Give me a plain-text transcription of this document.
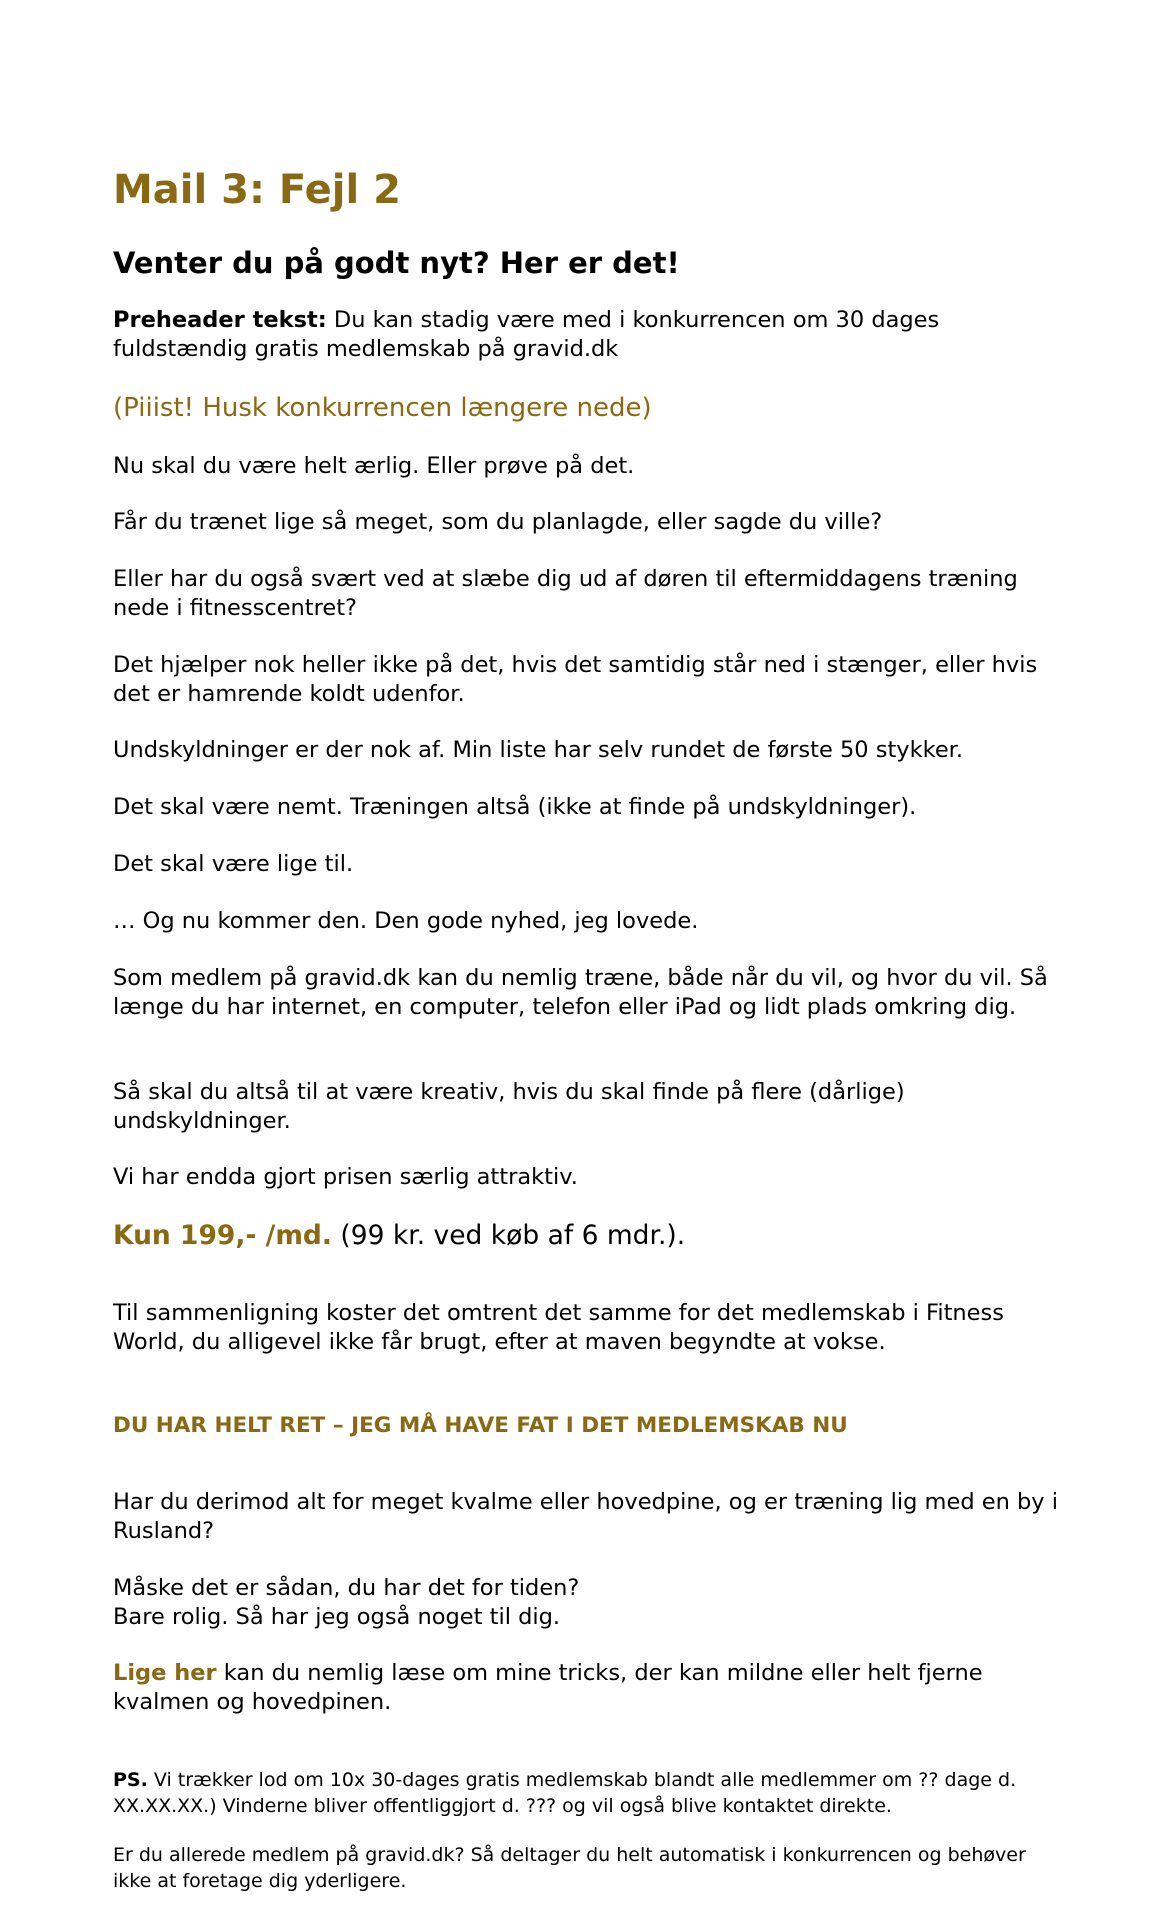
Mail 3: Fejl 2
Venter du på godt nyt? Her er det!

Preheader tekst: Du kan stadig være med i konkurrencen om 30 dages fuldstændig gratis medlemskab på gravid.dk

(Piiist! Husk konkurrencen længere nede)

Nu skal du være helt ærlig. Eller prøve på det.

Får du trænet lige så meget, som du planlagde, eller sagde du ville?

Eller har du også svært ved at slæbe dig ud af døren til eftermiddagens træning nede i fitnesscentret?

Det hjælper nok heller ikke på det, hvis det samtidig står ned i stænger, eller hvis det er hamrende koldt udenfor.

Undskyldninger er der nok af. Min liste har selv rundet de første 50 stykker.

Det skal være nemt. Træningen altså (ikke at finde på undskyldninger).

Det skal være lige til.

… Og nu kommer den. Den gode nyhed, jeg lovede.

Som medlem på gravid.dk kan du nemlig træne, både når du vil, og hvor du vil. Så længe du har internet, en computer, telefon eller iPad og lidt plads omkring dig.

Så skal du altså til at være kreativ, hvis du skal finde på flere (dårlige) undskyldninger.

Vi har endda gjort prisen særlig attraktiv.

Kun 199,- /md. (99 kr. ved køb af 6 mdr.).

Til sammenligning koster det omtrent det samme for det medlemskab i Fitness World, du alligevel ikke får brugt, efter at maven begyndte at vokse.

DU HAR HELT RET – JEG MÅ HAVE FAT I DET MEDLEMSKAB NU

Har du derimod alt for meget kvalme eller hovedpine, og er træning lig med en by i Rusland?

Måske det er sådan, du har det for tiden?
Bare rolig. Så har jeg også noget til dig.

Lige her kan du nemlig læse om mine tricks, der kan mildne eller helt fjerne kvalmen og hovedpinen.

PS. Vi trækker lod om 10x 30-dages gratis medlemskab blandt alle medlemmer om ?? dage d. XX.XX.XX.) Vinderne bliver offentliggjort d. ??? og vil også blive kontaktet direkte.

Er du allerede medlem på gravid.dk? Så deltager du helt automatisk i konkurrencen og behøver ikke at foretage dig yderligere.
